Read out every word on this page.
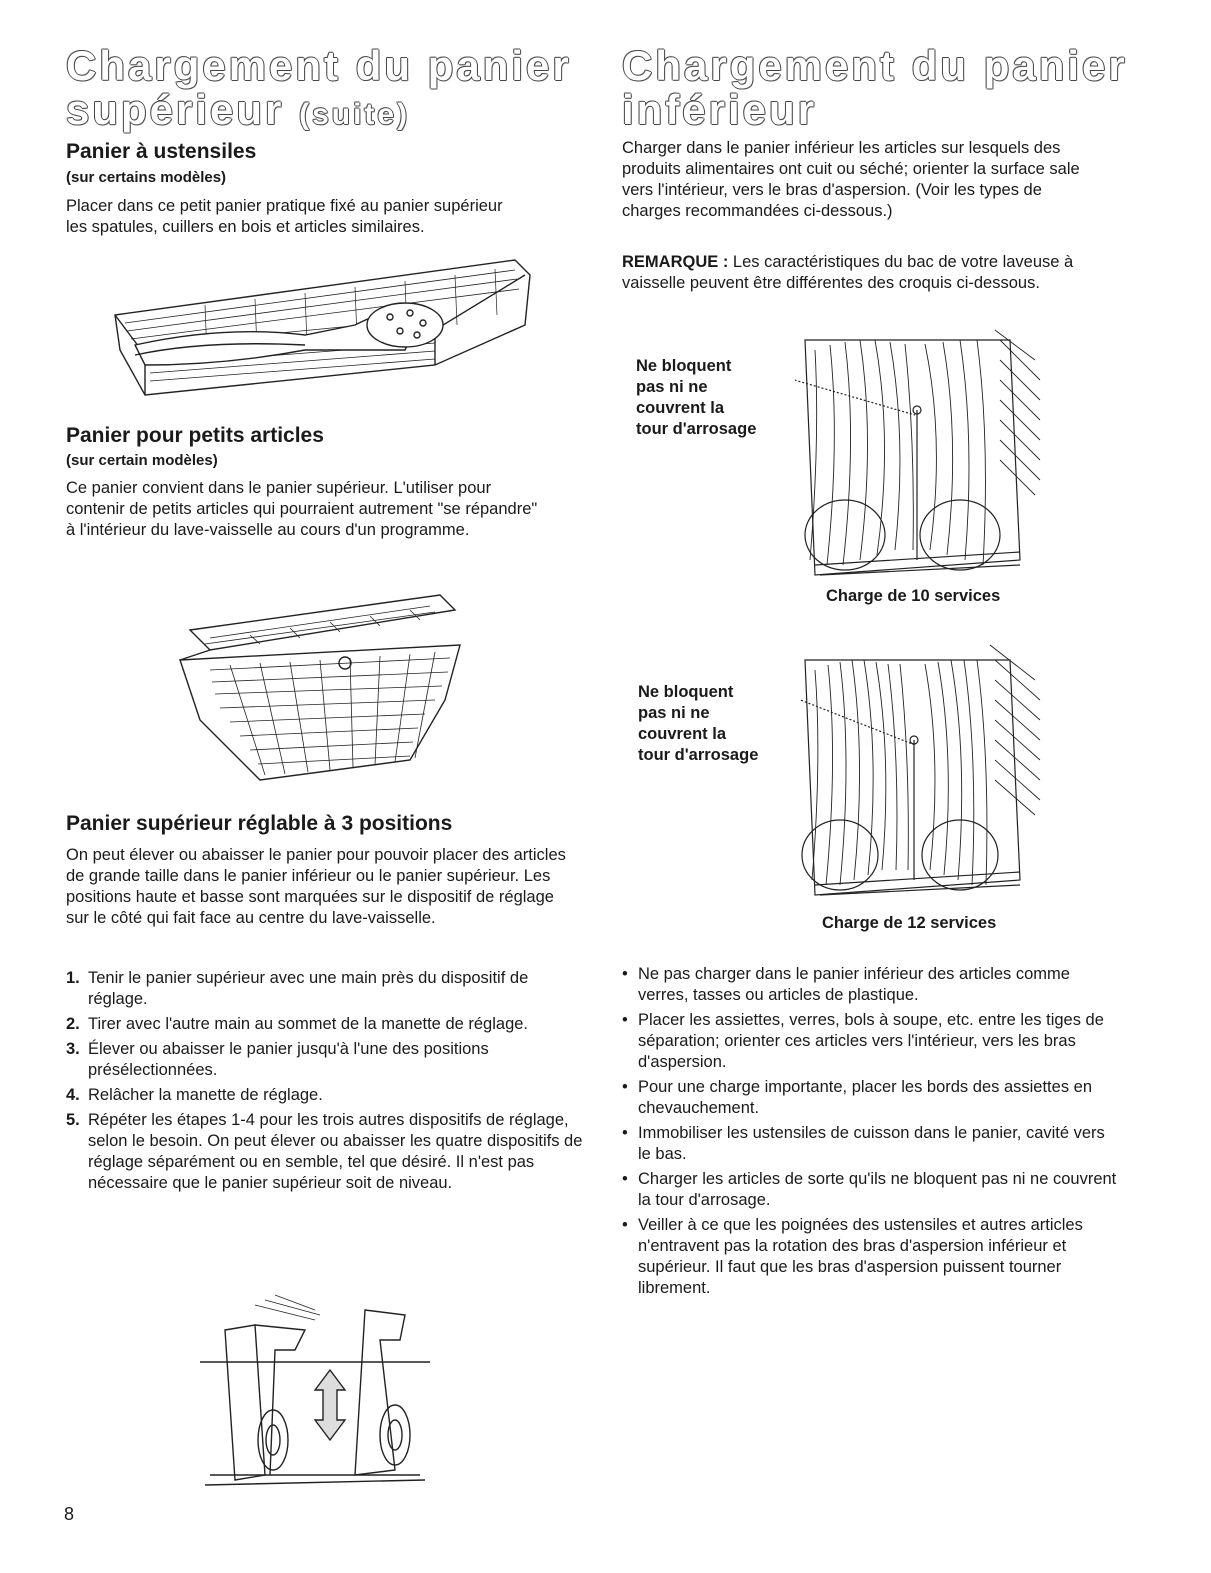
Chargement du panier
supérieur (suite)
Panier à ustensiles
(sur certains modèles)

Placer dans ce petit panier pratique fixé au panier supérieur les spatules, cuillers en bois et articles similaires.

Panier pour petits articles
(sur certain modèles)

Ce panier convient dans le panier supérieur. L'utiliser pour contenir de petits articles qui pourraient autrement "se répandre" à l'intérieur du lave-vaisselle au cours d'un programme.

Panier supérieur réglable à 3 positions

On peut élever ou abaisser le panier pour pouvoir placer des articles de grande taille dans le panier inférieur ou le panier supérieur. Les positions haute et basse sont marquées sur le dispositif de réglage sur le côté qui fait face au centre du lave-vaisselle.

1. Tenir le panier supérieur avec une main près du dispositif de réglage.
2. Tirer avec l'autre main au sommet de la manette de réglage.
3. Élever ou abaisser le panier jusqu'à l'une des positions présélectionnées.
4. Relâcher la manette de réglage.
5. Répéter les étapes 1-4 pour les trois autres dispositifs de réglage, selon le besoin. On peut élever ou abaisser les quatre dispositifs de réglage séparément ou en semble, tel que désiré. Il n'est pas nécessaire que le panier supérieur soit de niveau.
8
Chargement du panier
inférieur

Charger dans le panier inférieur les articles sur lesquels des produits alimentaires ont cuit ou séché; orienter la surface sale vers l'intérieur, vers le bras d'aspersion. (Voir les types de charges recommandées ci-dessous.)

REMARQUE : Les caractéristiques du bac de votre laveuse à vaisselle peuvent être différentes des croquis ci-dessous.

Ne bloquent
pas ni ne
couvrent la
tour d'arrosage
Charge de 10 services
Ne bloquent
pas ni ne
couvrent la
tour d'arrosage
Charge de 12 services
• Ne pas charger dans le panier inférieur des articles comme verres, tasses ou articles de plastique.
• Placer les assiettes, verres, bols à soupe, etc. entre les tiges de séparation; orienter ces articles vers l'intérieur, vers les bras d'aspersion.
• Pour une charge importante, placer les bords des assiettes en chevauchement.
• Immobiliser les ustensiles de cuisson dans le panier, cavité vers le bas.
• Charger les articles de sorte qu'ils ne bloquent pas ni ne couvrent la tour d'arrosage.
• Veiller à ce que les poignées des ustensiles et autres articles n'entravent pas la rotation des bras d'aspersion inférieur et supérieur. Il faut que les bras d'aspersion puissent tourner librement.
